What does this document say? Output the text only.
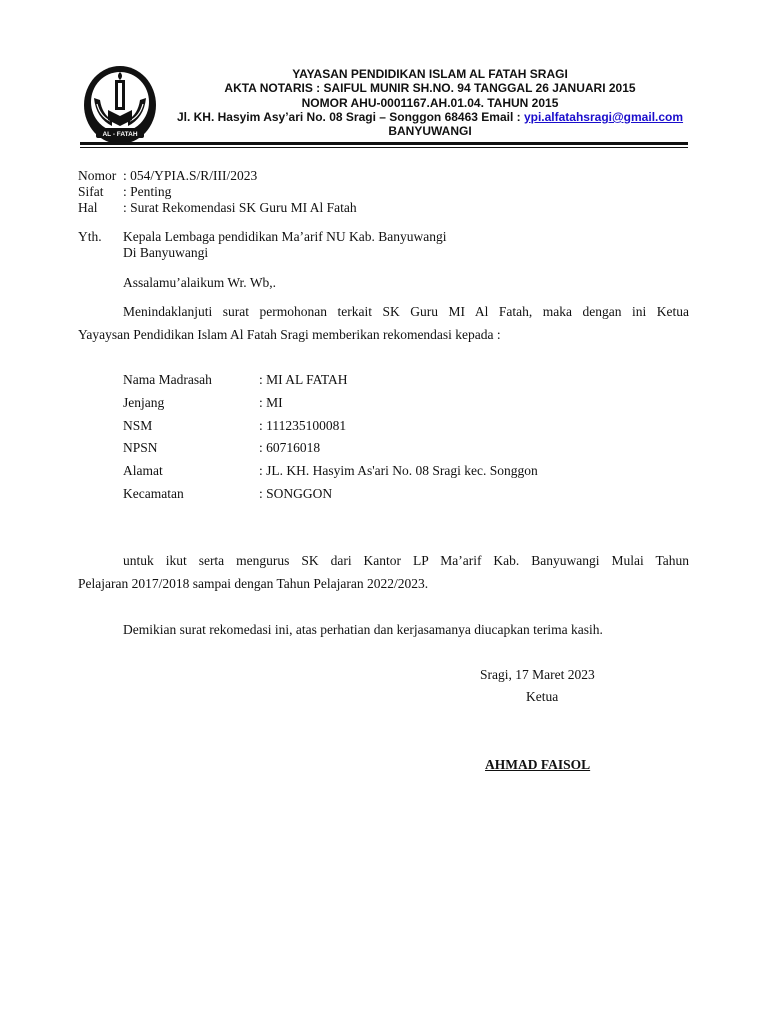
AL - FATAH
YAYASAN PENDIDIKAN ISLAM AL FATAH SRAGI
AKTA NOTARIS : SAIFUL MUNIR SH.NO. 94 TANGGAL 26 JANUARI 2015
NOMOR AHU-0001167.AH.01.04. TAHUN 2015
Jl. KH. Hasyim Asy’ari No. 08 Sragi – Songgon 68463 Email : ypi.alfatahsragi@gmail.com
BANYUWANGI
Nomor : 054/YPIA.S/R/III/2023
Sifat : Penting
Hal : Surat Rekomendasi SK Guru MI Al Fatah
Yth. Kepala Lembaga pendidikan Ma’arif NU Kab. Banyuwangi
Di Banyuwangi
Assalamu’alaikum Wr. Wb,.
Menindaklanjuti surat permohonan terkait SK Guru MI Al Fatah, maka dengan ini Ketua
Yayaysan Pendidikan Islam Al Fatah Sragi memberikan rekomendasi kepada :
Nama Madrasah	: MI AL FATAH
Jenjang	: MI
NSM	: 111235100081
NPSN	: 60716018
Alamat	: JL. KH. Hasyim As'ari No. 08 Sragi kec. Songgon
Kecamatan	: SONGGON
untuk ikut serta mengurus SK dari Kantor LP Ma’arif Kab. Banyuwangi Mulai Tahun
Pelajaran 2017/2018 sampai dengan Tahun Pelajaran 2022/2023.
Demikian surat rekomedasi ini, atas perhatian dan kerjasamanya diucapkan terima kasih.
Sragi, 17 Maret 2023
Ketua
AHMAD FAISOL
